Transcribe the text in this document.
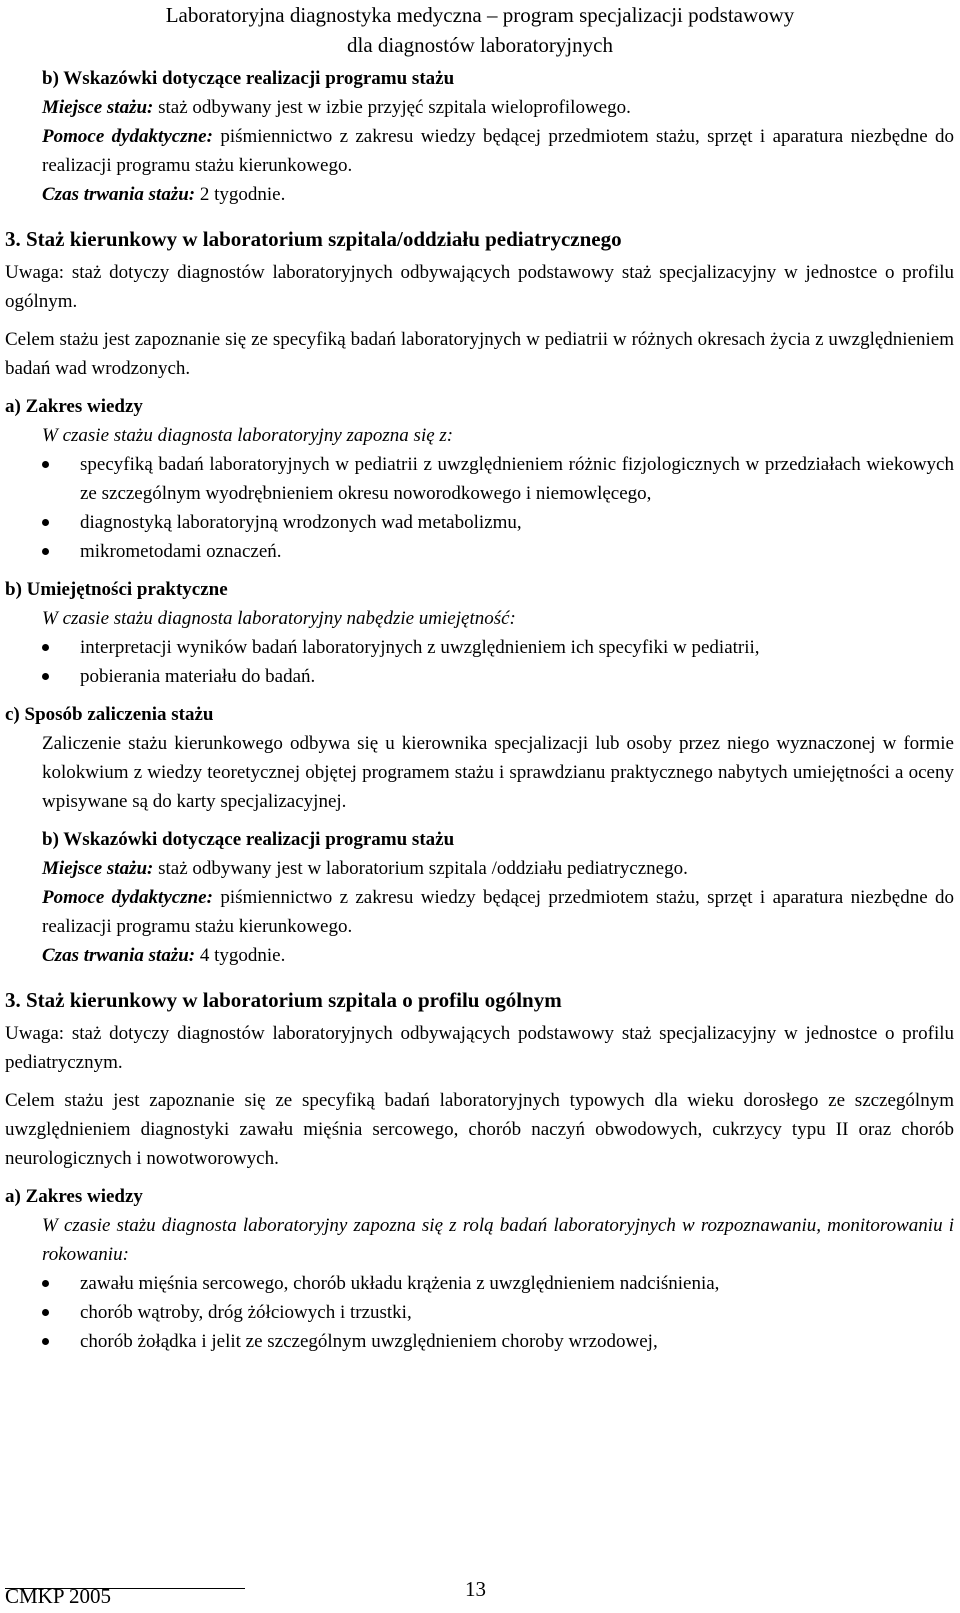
Laboratoryjna diagnostyka medyczna – program specjalizacji podstawowy
dla diagnostów laboratoryjnych
b) Wskazówki dotyczące realizacji programu stażu
Miejsce stażu: staż odbywany jest w izbie przyjęć szpitala wieloprofilowego.
Pomoce dydaktyczne: piśmiennictwo z zakresu wiedzy będącej przedmiotem stażu, sprzęt i aparatura niezbędne do realizacji programu stażu kierunkowego.
Czas trwania stażu: 2 tygodnie.
3. Staż kierunkowy w laboratorium szpitala/oddziału pediatrycznego
Uwaga: staż dotyczy diagnostów laboratoryjnych odbywających podstawowy staż specjalizacyjny w jednostce o profilu ogólnym.
Celem stażu jest zapoznanie się ze specyfiką badań laboratoryjnych w pediatrii w różnych okresach życia z uwzględnieniem badań wad wrodzonych.
a) Zakres wiedzy
W czasie stażu diagnosta laboratoryjny zapozna się z:
specyfiką badań laboratoryjnych w pediatrii z uwzględnieniem różnic fizjologicznych w przedziałach wiekowych ze szczególnym wyodrębnieniem okresu noworodkowego i niemowlęcego,
diagnostyką laboratoryjną wrodzonych wad metabolizmu,
mikrometodami oznaczeń.
b) Umiejętności praktyczne
W czasie stażu diagnosta laboratoryjny nabędzie umiejętność:
interpretacji wyników badań laboratoryjnych z uwzględnieniem ich specyfiki w pediatrii,
pobierania materiału do badań.
c) Sposób zaliczenia stażu
Zaliczenie stażu kierunkowego odbywa się u kierownika specjalizacji lub osoby przez niego wyznaczonej w formie kolokwium z wiedzy teoretycznej objętej programem stażu i sprawdzianu praktycznego nabytych umiejętności a oceny wpisywane są do karty specjalizacyjnej.
b) Wskazówki dotyczące realizacji programu stażu
Miejsce stażu: staż odbywany jest w laboratorium szpitala /oddziału pediatrycznego.
Pomoce dydaktyczne: piśmiennictwo z zakresu wiedzy będącej przedmiotem stażu, sprzęt i aparatura niezbędne do realizacji programu stażu kierunkowego.
Czas trwania stażu: 4 tygodnie.
3. Staż kierunkowy w laboratorium szpitala o profilu ogólnym
Uwaga: staż dotyczy diagnostów laboratoryjnych odbywających podstawowy staż specjalizacyjny w jednostce o profilu pediatrycznym.
Celem stażu jest zapoznanie się ze specyfiką badań laboratoryjnych typowych dla wieku dorosłego ze szczególnym uwzględnieniem diagnostyki zawału mięśnia sercowego, chorób naczyń obwodowych, cukrzycy typu II oraz chorób neurologicznych i nowotworowych.
a) Zakres wiedzy
W czasie stażu diagnosta laboratoryjny zapozna się z rolą badań laboratoryjnych w rozpoznawaniu, monitorowaniu i rokowaniu:
zawału mięśnia sercowego, chorób układu krążenia z uwzględnieniem nadciśnienia,
chorób wątroby, dróg żółciowych i trzustki,
chorób żołądka i jelit ze szczególnym uwzględnieniem choroby wrzodowej,
CMKP 2005	13
